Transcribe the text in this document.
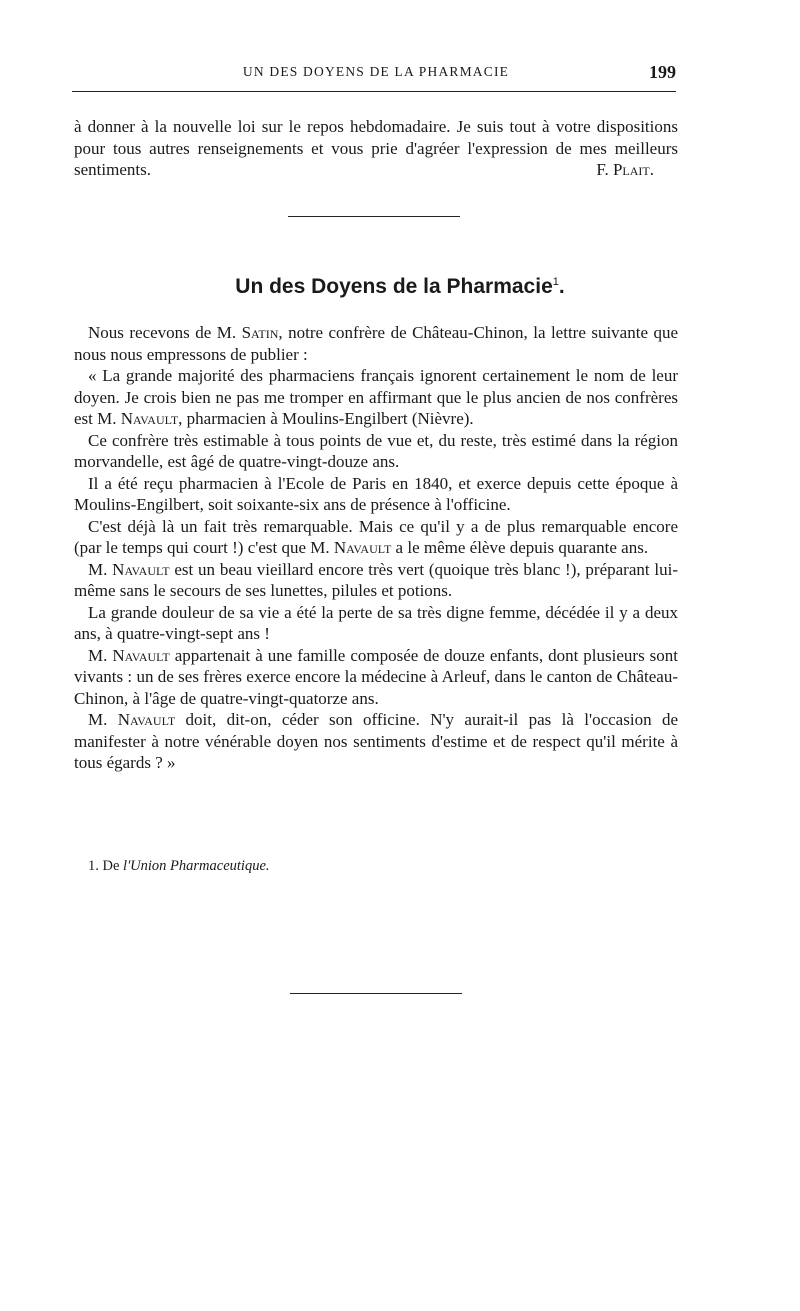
UN DES DOYENS DE LA PHARMACIE	199

à donner à la nouvelle loi sur le repos hebdomadaire. Je suis tout à votre dispositions pour tous autres renseignements et vous prie d'agréer l'expression de mes meilleurs sentiments.	F. Plait.
Un des Doyens de la Pharmacie$^1$.

Nous recevons de M. Satin, notre confrère de Château-Chinon, la lettre suivante que nous nous empressons de publier :

« La grande majorité des pharmaciens français ignorent certainement le nom de leur doyen. Je crois bien ne pas me tromper en affirmant que le plus ancien de nos confrères est M. Navault, pharmacien à Moulins-Engilbert (Nièvre).

Ce confrère très estimable à tous points de vue et, du reste, très estimé dans la région morvandelle, est âgé de quatre-vingt-douze ans.

Il a été reçu pharmacien à l'Ecole de Paris en 1840, et exerce depuis cette époque à Moulins-Engilbert, soit soixante-six ans de présence à l'officine.

C'est déjà là un fait très remarquable. Mais ce qu'il y a de plus remarquable encore (par le temps qui court !) c'est que M. Navault a le même élève depuis quarante ans.

M. Navault est un beau vieillard encore très vert (quoique très blanc !), préparant lui-même sans le secours de ses lunettes, pilules et potions.

La grande douleur de sa vie a été la perte de sa très digne femme, décédée il y a deux ans, à quatre-vingt-sept ans !

M. Navault appartenait à une famille composée de douze enfants, dont plusieurs sont vivants : un de ses frères exerce encore la médecine à Arleuf, dans le canton de Château-Chinon, à l'âge de quatre-vingt-quatorze ans.

M. Navault doit, dit-on, céder son officine. N'y aurait-il pas là l'occasion de manifester à notre vénérable doyen nos sentiments d'estime et de respect qu'il mérite à tous égards ? »

1. De l'Union Pharmaceutique.
